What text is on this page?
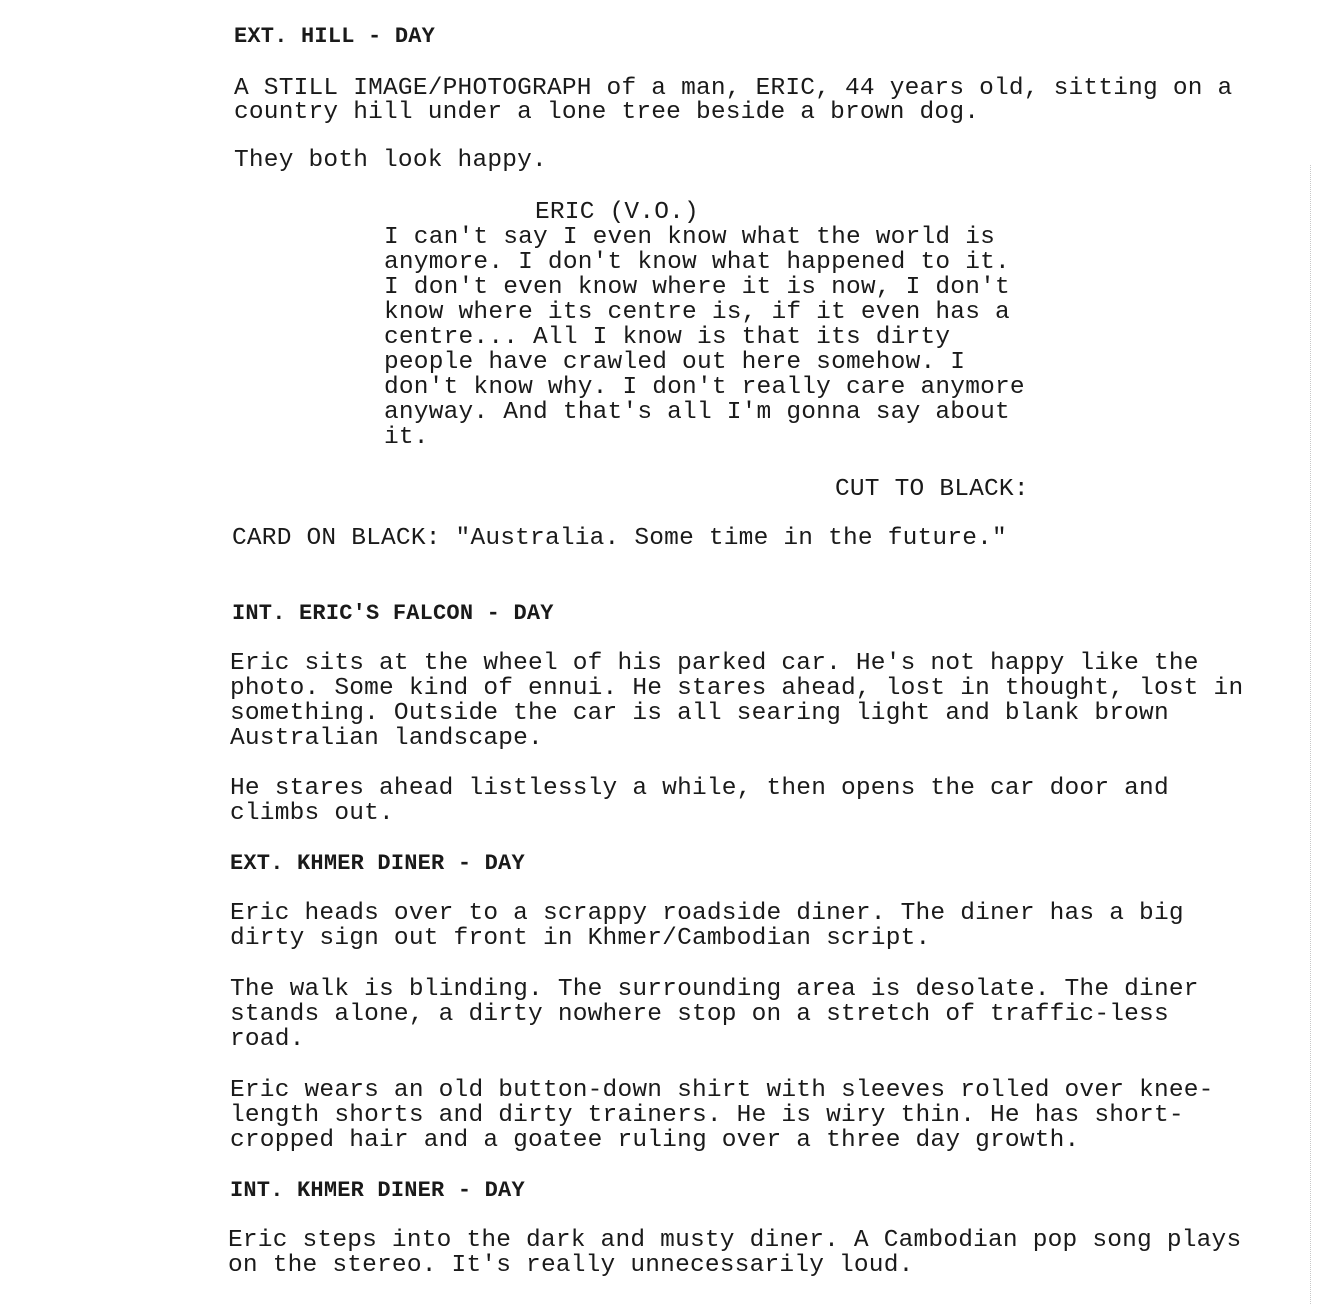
EXT. HILL - DAY
A STILL IMAGE/PHOTOGRAPH of a man, ERIC, 44 years old, sitting on a
country hill under a lone tree beside a brown dog.
They both look happy.
ERIC (V.O.)
I can't say I even know what the world is
anymore. I don't know what happened to it.
I don't even know where it is now, I don't
know where its centre is, if it even has a
centre... All I know is that its dirty
people have crawled out here somehow. I
don't know why. I don't really care anymore
anyway. And that's all I'm gonna say about
it.
CUT TO BLACK:
CARD ON BLACK: "Australia. Some time in the future."
INT. ERIC'S FALCON - DAY
Eric sits at the wheel of his parked car. He's not happy like the
photo. Some kind of ennui. He stares ahead, lost in thought, lost in
something. Outside the car is all searing light and blank brown
Australian landscape.
He stares ahead listlessly a while, then opens the car door and
climbs out.
EXT. KHMER DINER - DAY
Eric heads over to a scrappy roadside diner. The diner has a big
dirty sign out front in Khmer/Cambodian script.
The walk is blinding. The surrounding area is desolate. The diner
stands alone, a dirty nowhere stop on a stretch of traffic-less
road.
Eric wears an old button-down shirt with sleeves rolled over knee-
length shorts and dirty trainers. He is wiry thin. He has short-
cropped hair and a goatee ruling over a three day growth.
INT. KHMER DINER - DAY
Eric steps into the dark and musty diner. A Cambodian pop song plays
on the stereo. It's really unnecessarily loud.
